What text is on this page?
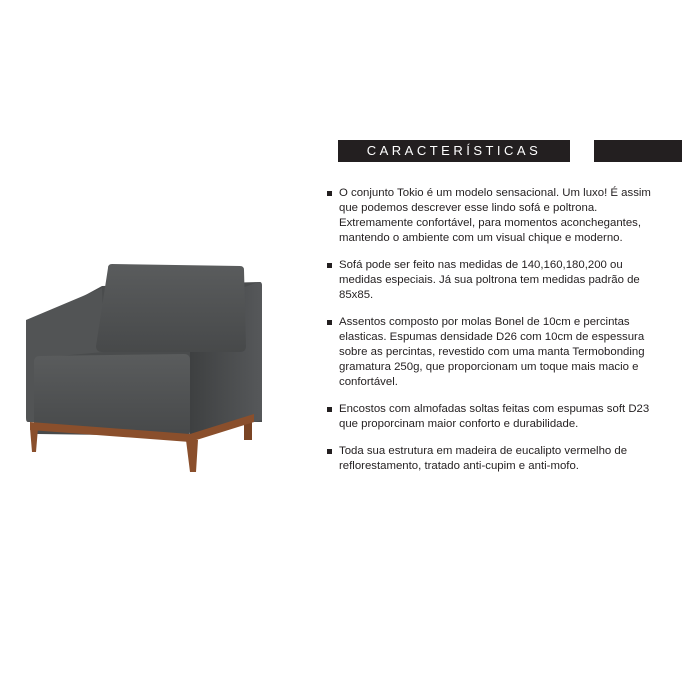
CARACTERÍSTICAS
O conjunto Tokio é um modelo sensacional. Um luxo! É assim que podemos descrever esse lindo sofá e poltrona. Extremamente confortável, para momentos aconchegantes, mantendo o ambiente com um visual chique e moderno.
Sofá pode ser feito nas medidas de 140,160,180,200 ou medidas especiais. Já sua poltrona tem medidas padrão de 85x85.
Assentos composto por molas Bonel de 10cm e percintas elasticas. Espumas densidade D26 com 10cm de espessura sobre as percintas, revestido com uma manta Termobonding gramatura 250g, que proporcionam um toque mais macio e confortável.
Encostos com almofadas soltas feitas com espumas soft D23 que proporcinam maior conforto e durabilidade.
Toda sua estrutura em madeira de eucalipto vermelho de reflorestamento, tratado anti-cupim e anti-mofo.
